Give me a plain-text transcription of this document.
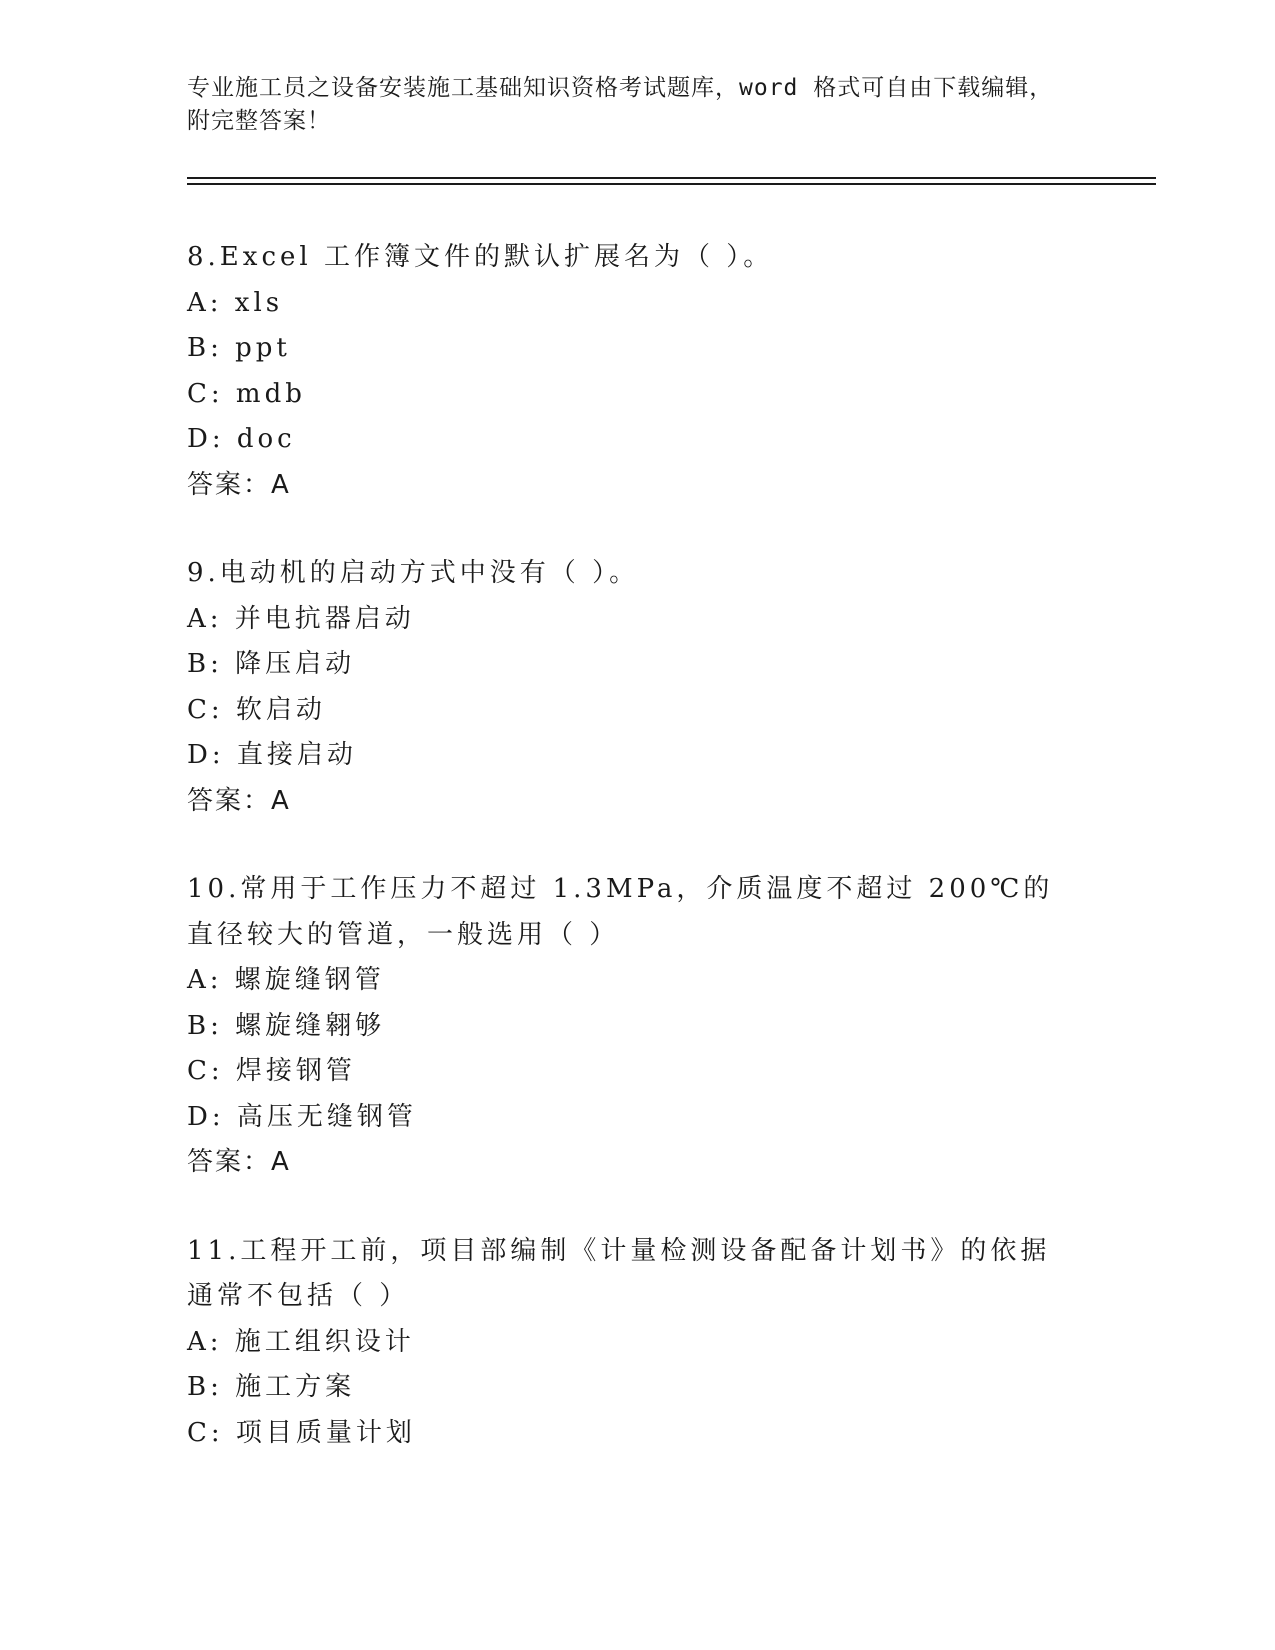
专业施工员之设备安装施工基础知识资格考试题库，word 格式可自由下载编辑，附完整答案！
8.Excel 工作簿文件的默认扩展名为（ ）。
A: xls
B: ppt
C: mdb
D: doc
答案：A
9.电动机的启动方式中没有（ ）。
A: 并电抗器启动
B: 降压启动
C: 软启动
D: 直接启动
答案：A
10.常用于工作压力不超过 1.3MPa，介质温度不超过 200℃的直径较大的管道，一般选用（ ）
A: 螺旋缝钢管
B: 螺旋缝翱够
C: 焊接钢管
D: 高压无缝钢管
答案：A
11.工程开工前，项目部编制《计量检测设备配备计划书》的依据通常不包括（ ）
A: 施工组织设计
B: 施工方案
C: 项目质量计划
